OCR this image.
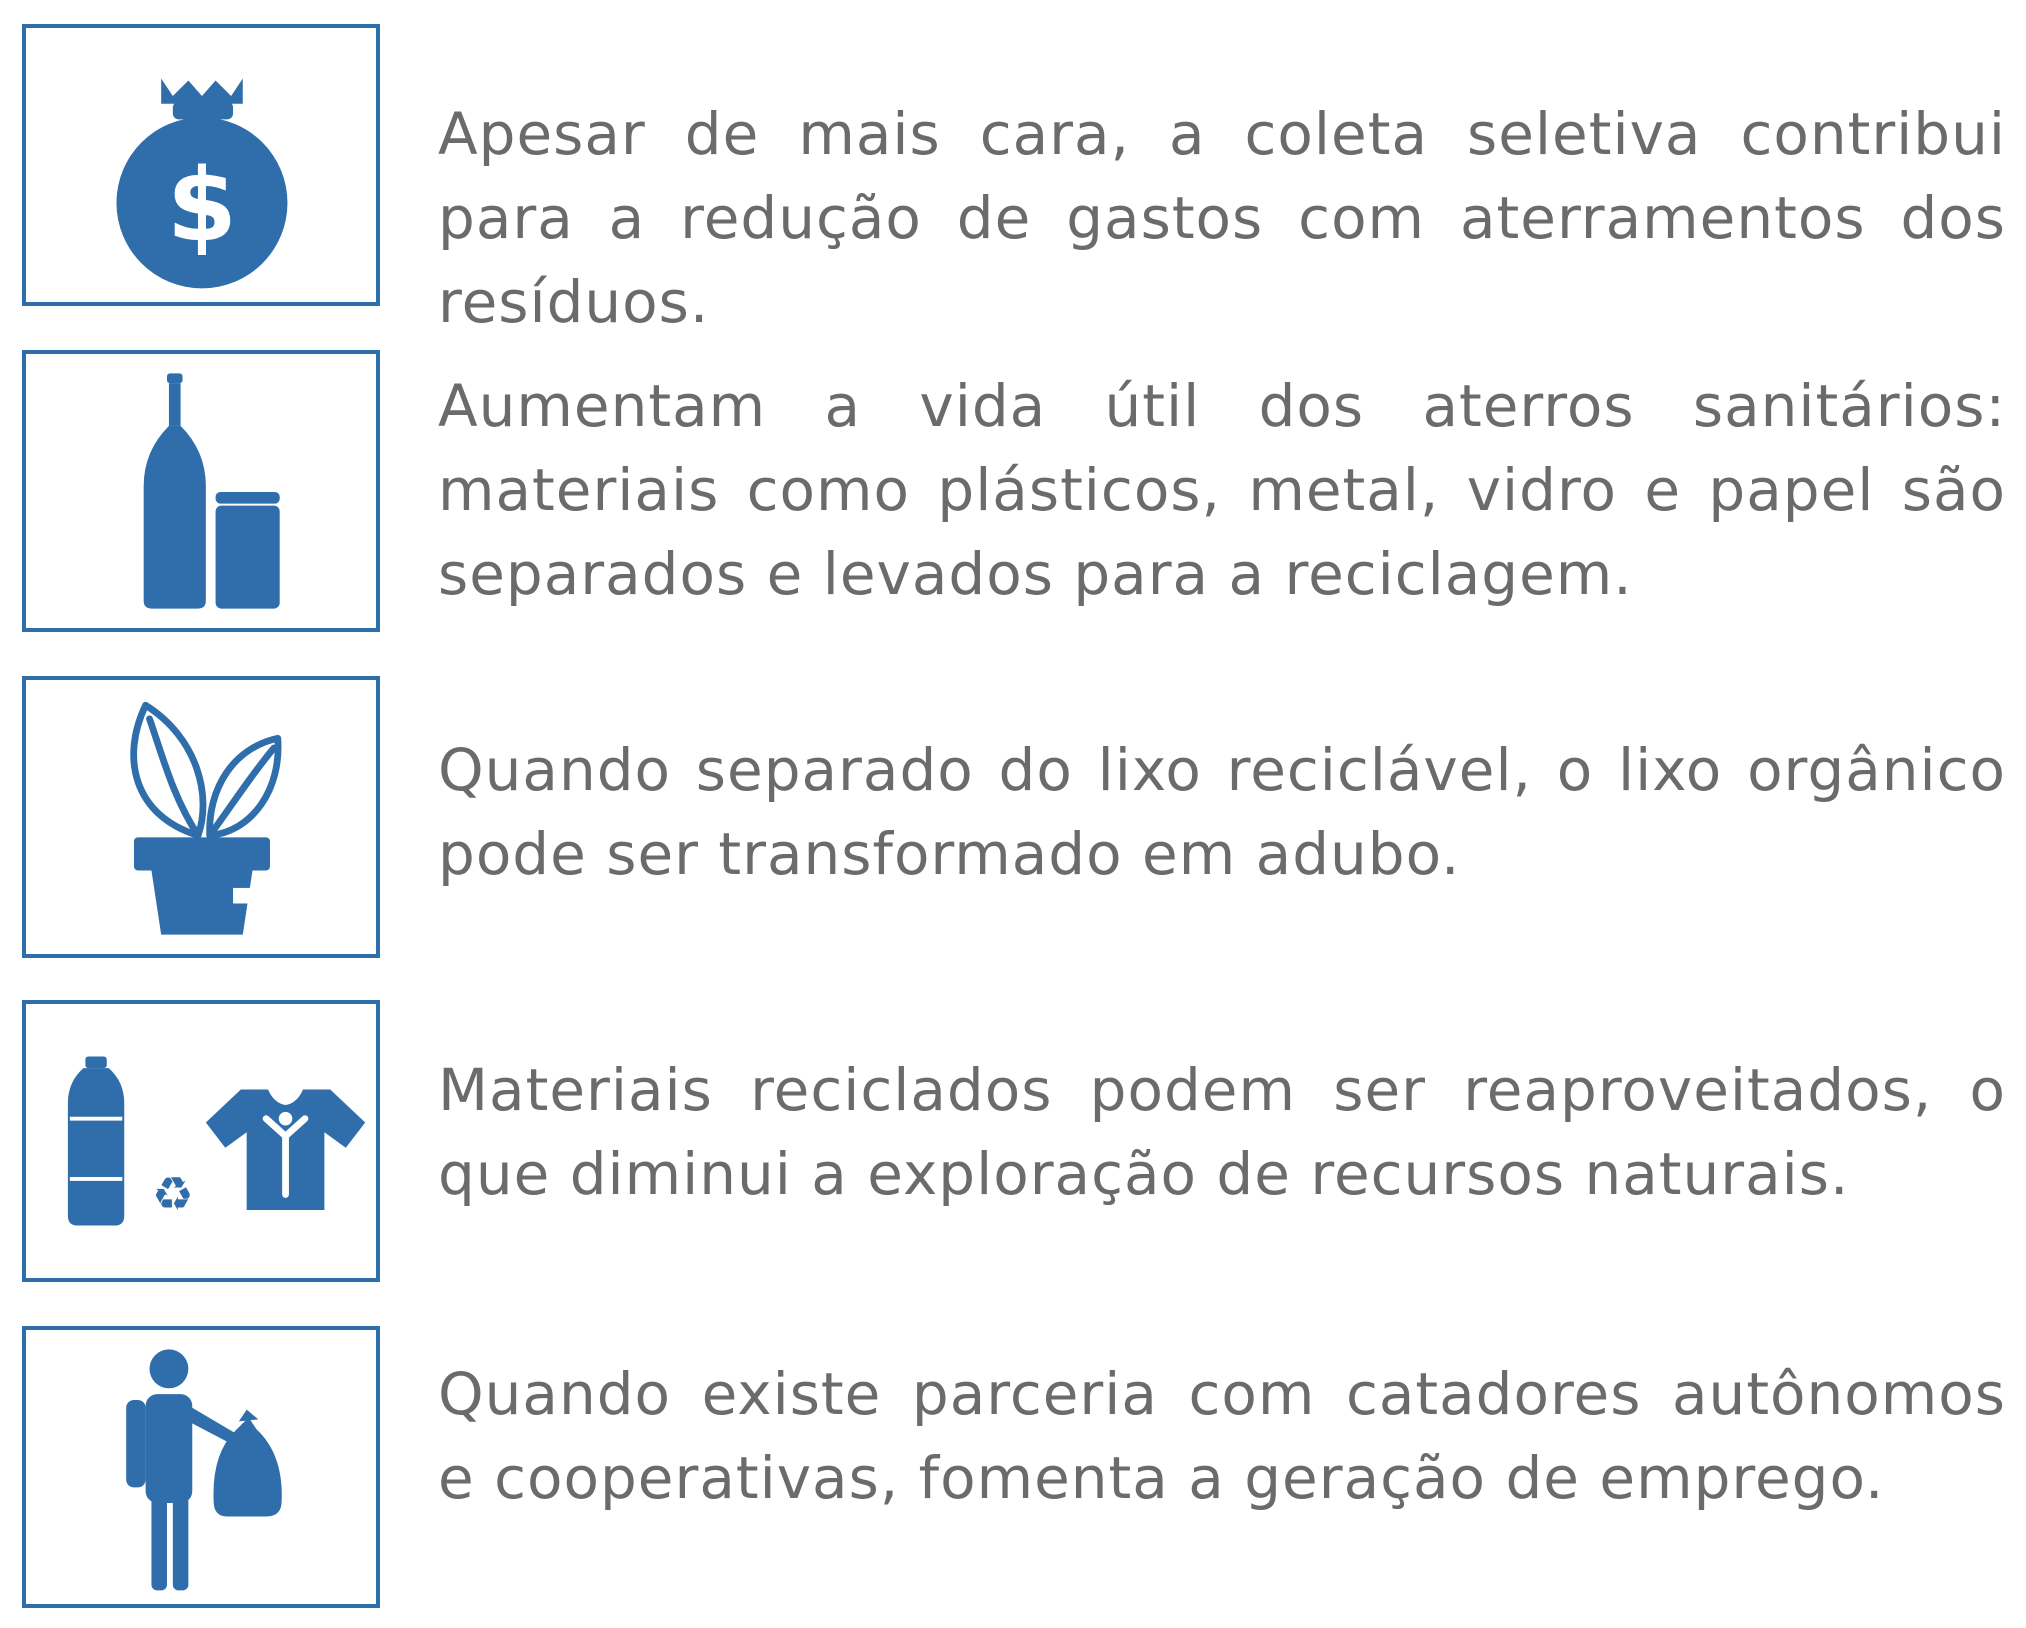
$
Apesar de mais cara, a coleta seletiva contribui para a redução de gastos com aterramentos dos resíduos.
Aumentam a vida útil dos aterros sanitários: materiais como plásticos, metal, vidro e papel são separados e levados para a reciclagem.
Quando separado do lixo reciclável, o lixo orgânico pode ser transformado em adubo.
♻
Materiais reciclados podem ser reaproveitados, o que diminui a exploração de recursos naturais.
Quando existe parceria com catadores autônomos e cooperativas, fomenta a geração de emprego.
